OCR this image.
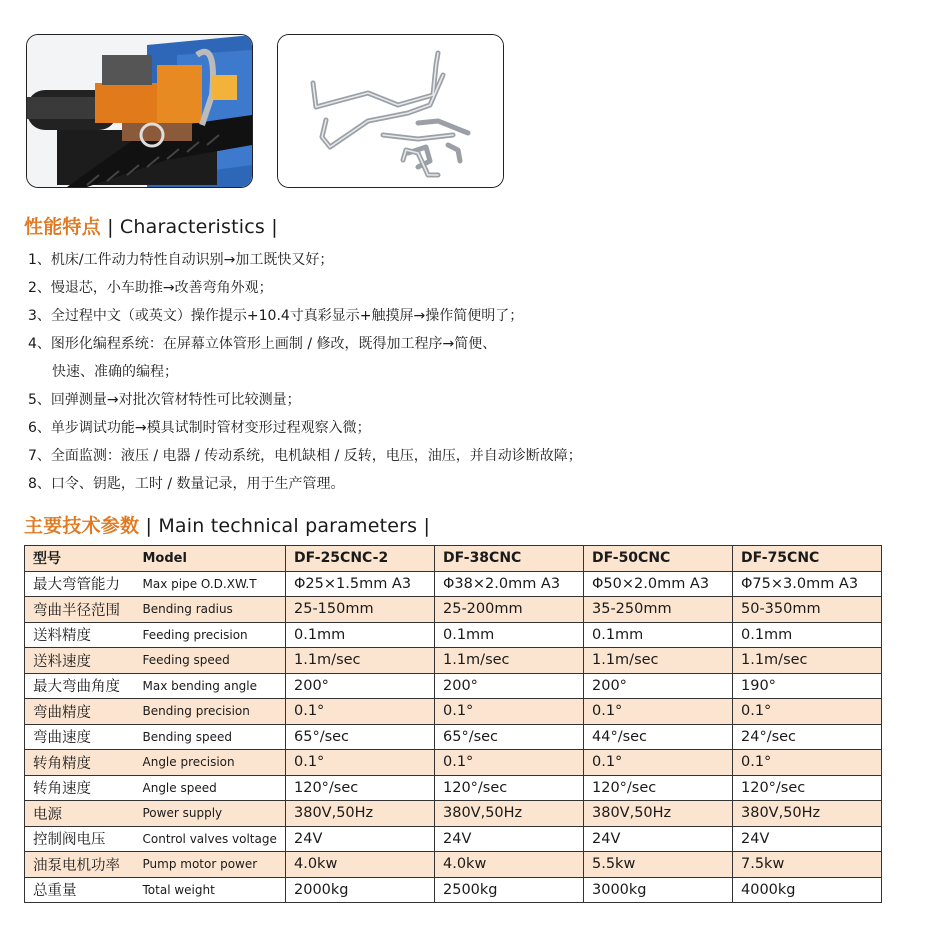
性能特点 | Characteristics |
1、机床/工件动力特性自动识别→加工既快又好；
2、慢退芯，小车助推→改善弯角外观；
3、全过程中文（或英文）操作提示+10.4寸真彩显示+触摸屏→操作简便明了；
4、图形化编程系统：在屏幕立体管形上画制 / 修改，既得加工程序→简便、
快速、准确的编程；
5、回弹测量→对批次管材特性可比较测量；
6、单步调试功能→模具试制时管材变形过程观察入微；
7、全面监测：液压 / 电器 / 传动系统，电机缺相 / 反转，电压，油压，并自动诊断故障；
8、口令、钥匙，工时 / 数量记录，用于生产管理。
主要技术参数 | Main technical parameters |
型号	Model	DF-25CNC-2	DF-38CNC	DF-50CNC	DF-75CNC
最大弯管能力	Max pipe O.D.XW.T	Φ25×1.5mm A3	Φ38×2.0mm A3	Φ50×2.0mm A3	Φ75×3.0mm A3
弯曲半径范围	Bending radius	25-150mm	25-200mm	35-250mm	50-350mm
送料精度	Feeding precision	0.1mm	0.1mm	0.1mm	0.1mm
送料速度	Feeding speed	1.1m/sec	1.1m/sec	1.1m/sec	1.1m/sec
最大弯曲角度	Max bending angle	200°	200°	200°	190°
弯曲精度	Bending precision	0.1°	0.1°	0.1°	0.1°
弯曲速度	Bending speed	65°/sec	65°/sec	44°/sec	24°/sec
转角精度	Angle precision	0.1°	0.1°	0.1°	0.1°
转角速度	Angle speed	120°/sec	120°/sec	120°/sec	120°/sec
电源	Power supply	380V,50Hz	380V,50Hz	380V,50Hz	380V,50Hz
控制阀电压	Control valves voltage	24V	24V	24V	24V
油泵电机功率	Pump motor power	4.0kw	4.0kw	5.5kw	7.5kw
总重量	Total weight	2000kg	2500kg	3000kg	4000kg
